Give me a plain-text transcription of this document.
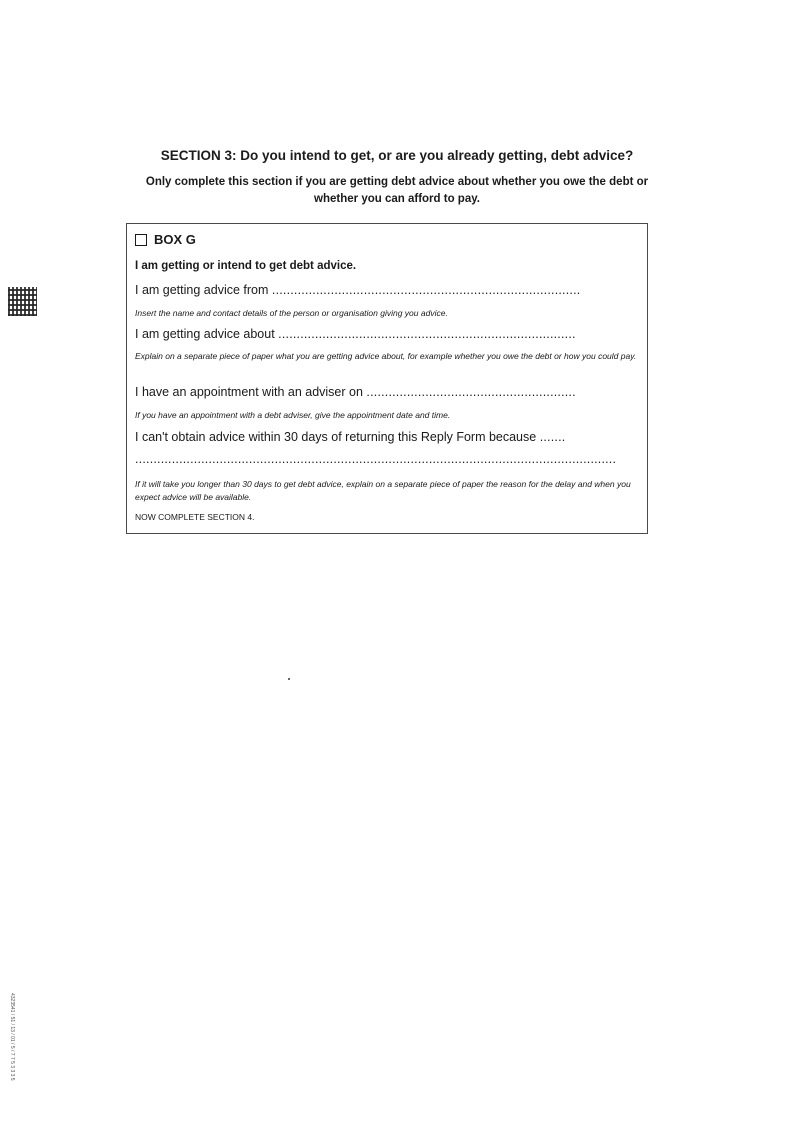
4323541 / 51 / 13 / 01 / 5 / 7 7 5 3 3 3 5
SECTION 3: Do you intend to get, or are you already getting, debt advice?
Only complete this section if you are getting debt advice about whether you owe the debt or whether you can afford to pay.
BOX G
I am getting or intend to get debt advice.
I am getting advice from ....................................................................................
Insert the name and contact details of the person or organisation giving you advice.
I am getting advice about .................................................................................
Explain on a separate piece of paper what you are getting advice about, for example whether you owe the debt or how you could pay.
I have an appointment with an adviser on .........................................................
If you have an appointment with a debt adviser, give the appointment date and time.
I can't obtain advice within 30 days of returning this Reply Form because .......
...................................................................................................................................
If it will take you longer than 30 days to get debt advice, explain on a separate piece of paper the reason for the delay and when you expect advice will be available.
NOW COMPLETE SECTION 4.
